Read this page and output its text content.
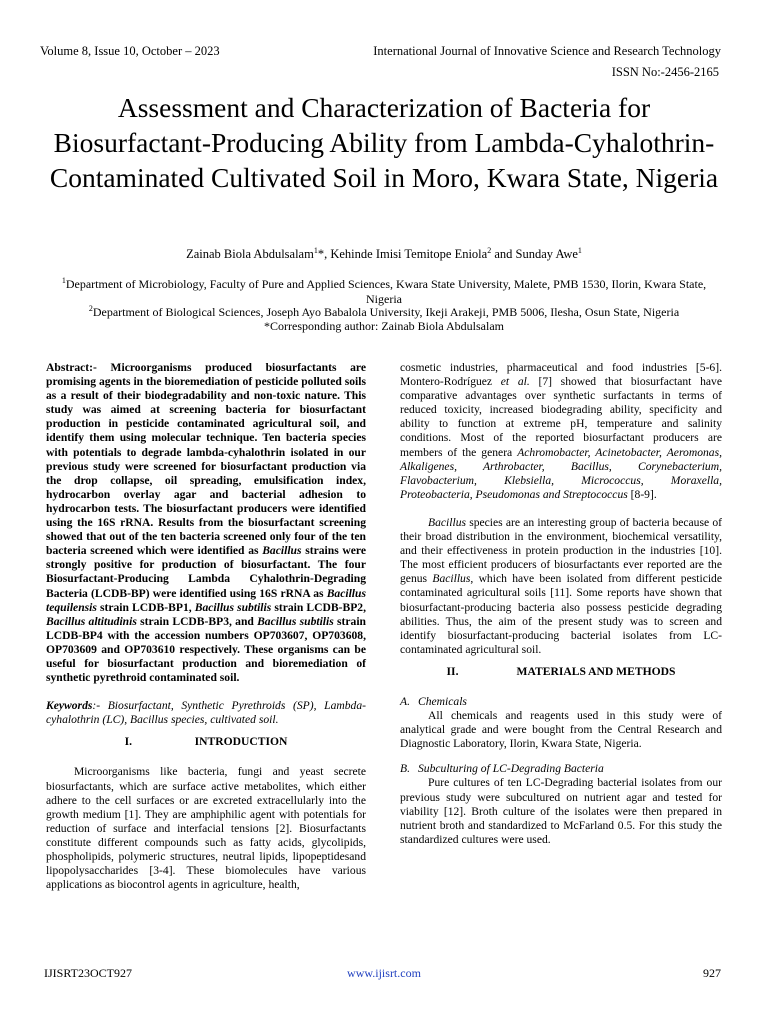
Volume 8, Issue 10, October – 2023	International Journal of Innovative Science and Research Technology
ISSN No:-2456-2165
Assessment and Characterization of Bacteria for Biosurfactant-Producing Ability from Lambda-Cyhalothrin-Contaminated Cultivated Soil in Moro, Kwara State, Nigeria
Zainab Biola Abdulsalam$^1$*, Kehinde Imisi Temitope Eniola$^2$ and Sunday Awe$^1$
$^1$Department of Microbiology, Faculty of Pure and Applied Sciences, Kwara State University, Malete, PMB 1530, Ilorin, Kwara State, Nigeria
$^2$Department of Biological Sciences, Joseph Ayo Babalola University, Ikeji Arakeji, PMB 5006, Ilesha, Osun State, Nigeria
*Corresponding author: Zainab Biola Abdulsalam

Abstract:- Microorganisms produced biosurfactants are promising agents in the bioremediation of pesticide polluted soils as a result of their biodegradability and non-toxic nature. This study was aimed at screening bacteria for biosurfactant production in pesticide contaminated agricultural soil, and identify them using molecular technique. Ten bacteria species with potentials to degrade lambda-cyhalothrin isolated in our previous study were screened for biosurfactant production via the drop collapse, oil spreading, emulsification index, hydrocarbon overlay agar and bacterial adhesion to hydrocarbon tests. The biosurfactant producers were identified using the 16S rRNA. Results from the biosurfactant screening showed that out of the ten bacteria screened only four of the ten bacteria screened which were identified as Bacillus strains were strongly positive for production of biosurfactant. The four Biosurfactant-Producing Lambda Cyhalothrin-Degrading Bacteria (LCDB-BP) were identified using 16S rRNA as Bacillus tequilensis strain LCDB-BP1, Bacillus subtilis strain LCDB-BP2, Bacillus altitudinis strain LCDB-BP3, and Bacillus subtilis strain LCDB-BP4 with the accession numbers OP703607, OP703608, OP703609 and OP703610 respectively. These organisms can be useful for biosurfactant production and bioremediation of synthetic pyrethroid contaminated soil.

Keywords:- Biosurfactant, Synthetic Pyrethroids (SP), Lambda-cyhalothrin (LC), Bacillus species, cultivated soil.

I.	INTRODUCTION

Microorganisms like bacteria, fungi and yeast secrete biosurfactants, which are surface active metabolites, which either adhere to the cell surfaces or are excreted extracellularly into the growth medium [1]. They are amphiphilic agent with potentials for reduction of surface and interfacial tensions [2]. Biosurfactants constitute different compounds such as fatty acids, glycolipids, phospholipids, polymeric structures, neutral lipids, lipopeptidesand lipopolysaccharides [3-4]. These biomolecules have various applications as biocontrol agents in agriculture, health,

cosmetic industries, pharmaceutical and food industries [5-6]. Montero-Rodríguez et al. [7] showed that biosurfactant have comparative advantages over synthetic surfactants in terms of reduced toxicity, increased biodegrading ability, specificity and ability to function at extreme pH, temperature and salinity conditions. Most of the reported biosurfactant producers are members of the genera Achromobacter, Acinetobacter, Aeromonas, Alkaligenes, Arthrobacter, Bacillus, Corynebacterium, Flavobacterium, Klebsiella, Micrococcus, Moraxella, Proteobacteria, Pseudomonas and Streptococcus [8-9].

Bacillus species are an interesting group of bacteria because of their broad distribution in the environment, biochemical versatility, and their effectiveness in protein production in the industries [10]. The most efficient producers of biosurfactants ever reported are the genus Bacillus, which have been isolated from different pesticide contaminated agricultural soils [11]. Some reports have shown that biosurfactant-producing bacteria also possess pesticide degrading abilities. Thus, the aim of the present study was to screen and identify biosurfactant-producing bacterial isolates from LC-contaminated agricultural soil.

II.	MATERIALS AND METHODS

A. Chemicals

All chemicals and reagents used in this study were of analytical grade and were bought from the Central Research and Diagnostic Laboratory, Ilorin, Kwara State, Nigeria.

B. Subculturing of LC-Degrading Bacteria

Pure cultures of ten LC-Degrading bacterial isolates from our previous study were subcultured on nutrient agar and tested for viability [12]. Broth culture of the isolates were then prepared in nutrient broth and standardized to McFarland 0.5. For this study the standardized cultures were used.

IJISRT23OCT927	www.ijisrt.com	927
